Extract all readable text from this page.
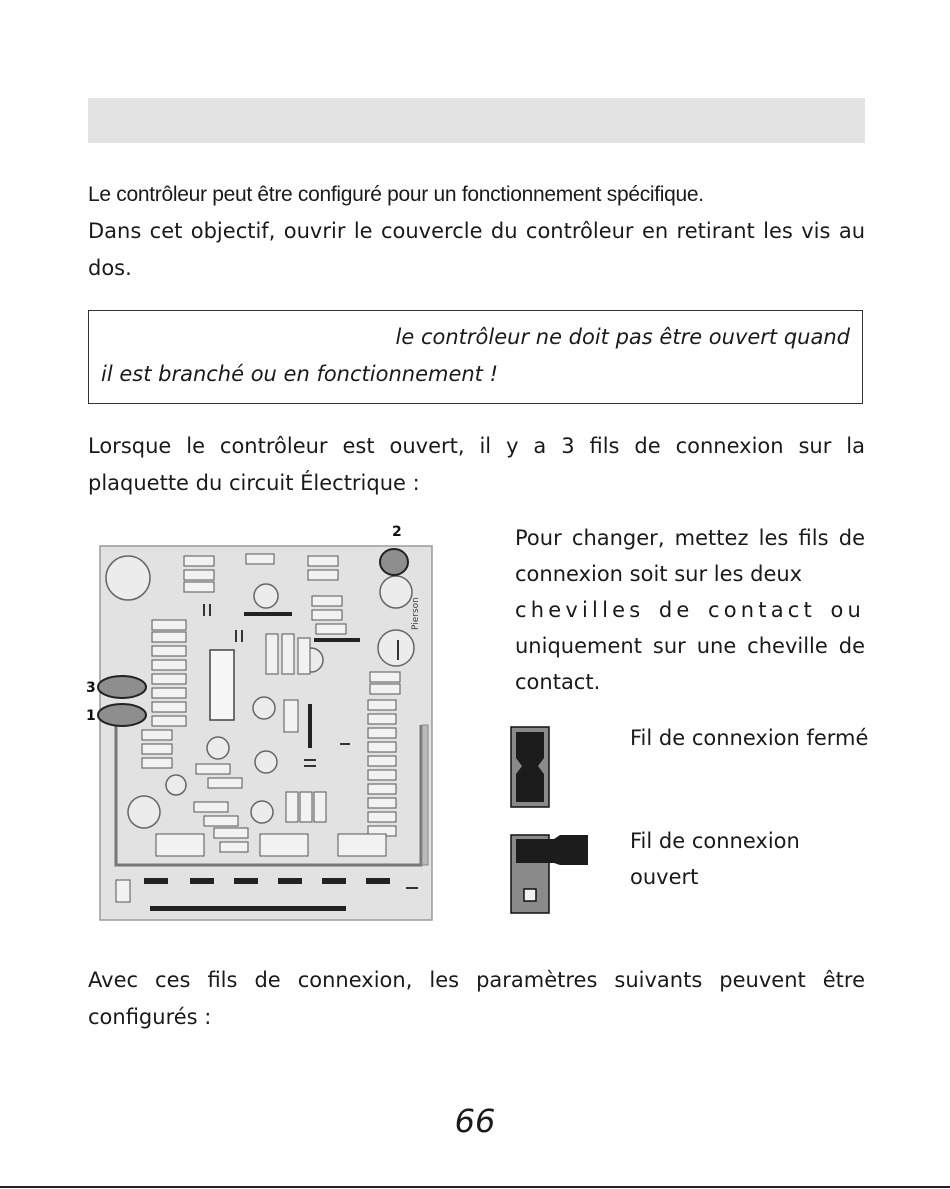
Le contrôleur peut être configuré pour un fonctionnement spécifique.
Dans cet objectif, ouvrir le couvercle du contrôleur en retirant les vis au dos.

le contrôleur ne doit pas être ouvert quand
il est branché ou en fonctionnement !

Lorsque le contrôleur est ouvert, il y a 3 fils de connexion sur la plaquette du circuit Électrique :

Pierson
2
3
1

Pour changer, mettez les fils de connexion soit sur les deux
chevilles de contact ou
uniquement sur une cheville de contact.

Fil de connexion fermé
Fil de connexion ouvert

Avec ces fils de connexion, les paramètres suivants peuvent être configurés :

66
